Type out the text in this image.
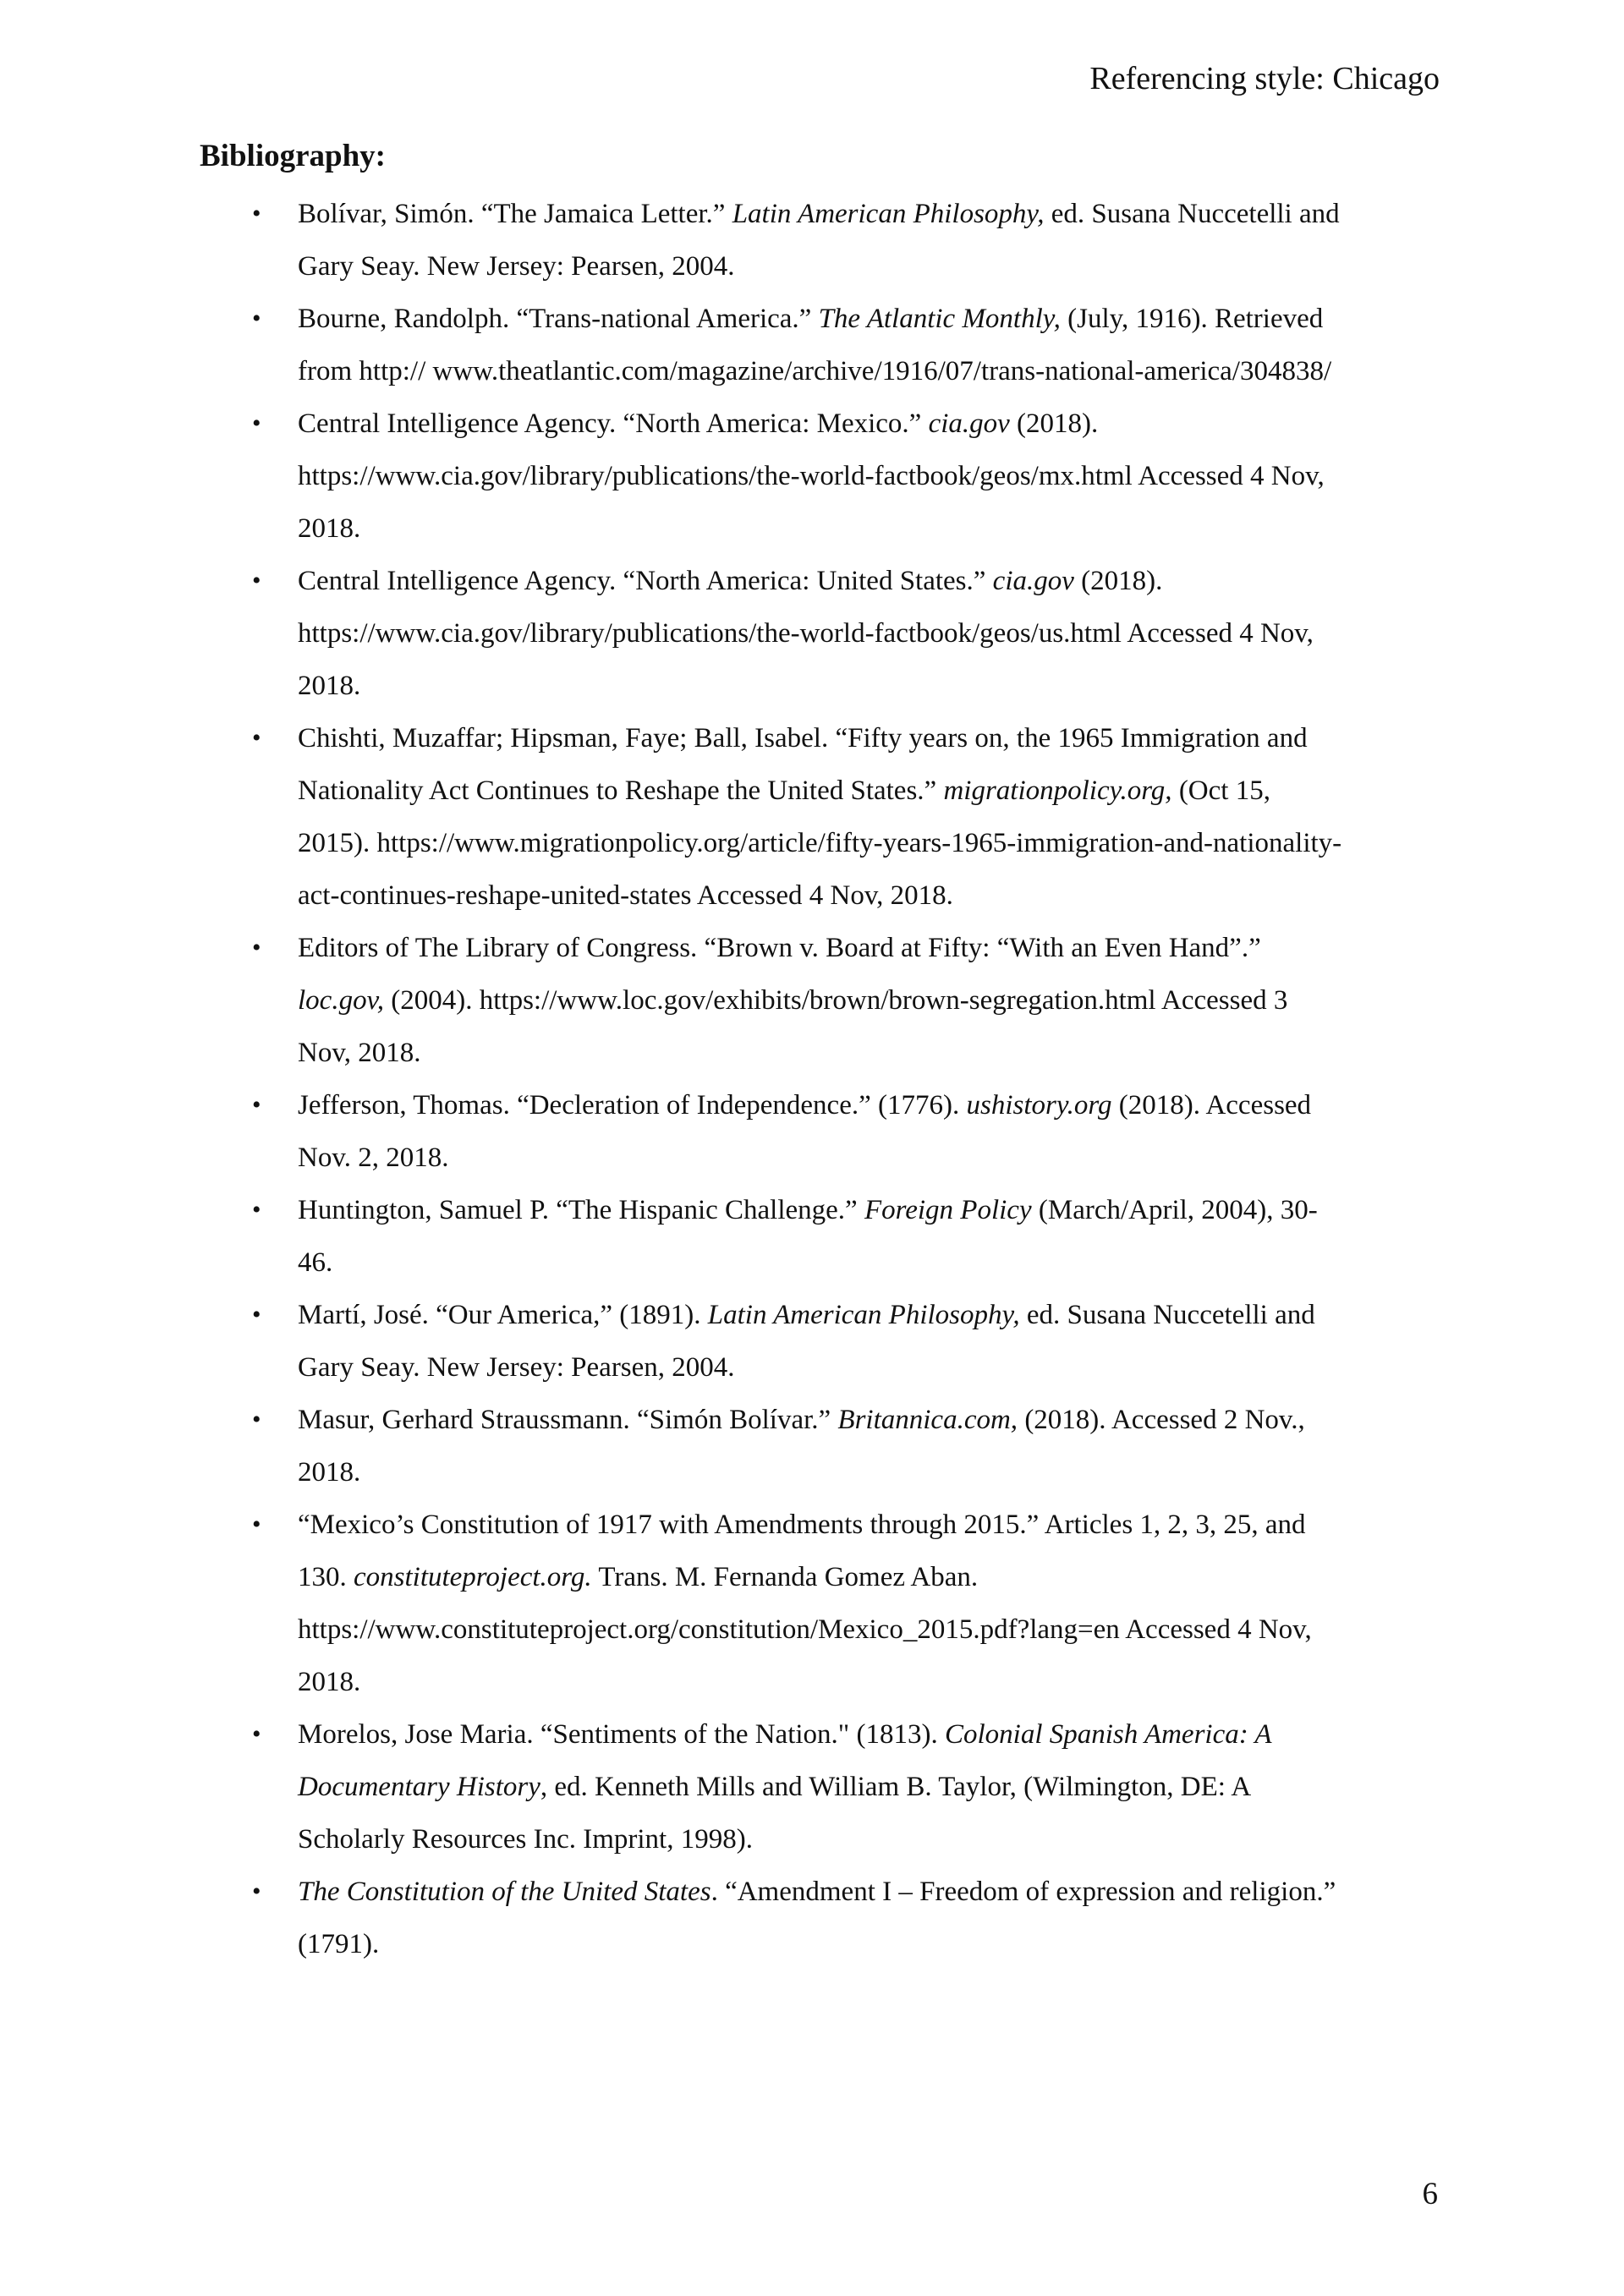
Referencing style: Chicago
Bibliography:
• Bolívar, Simón. “The Jamaica Letter.” Latin American Philosophy, ed. Susana Nuccetelli and
Gary Seay. New Jersey: Pearsen, 2004.
• Bourne, Randolph. “Trans-national America.” The Atlantic Monthly, (July, 1916). Retrieved
from http:// www.theatlantic.com/magazine/archive/1916/07/trans-national-america/304838/
• Central Intelligence Agency. “North America: Mexico.” cia.gov (2018).
https://www.cia.gov/library/publications/the-world-factbook/geos/mx.html Accessed 4 Nov,
2018.
• Central Intelligence Agency. “North America: United States.” cia.gov (2018).
https://www.cia.gov/library/publications/the-world-factbook/geos/us.html Accessed 4 Nov,
2018.
• Chishti, Muzaffar; Hipsman, Faye; Ball, Isabel. “Fifty years on, the 1965 Immigration and
Nationality Act Continues to Reshape the United States.” migrationpolicy.org, (Oct 15,
2015). https://www.migrationpolicy.org/article/fifty-years-1965-immigration-and-nationality-
act-continues-reshape-united-states Accessed 4 Nov, 2018.
• Editors of The Library of Congress. “Brown v. Board at Fifty: “With an Even Hand”.”
loc.gov, (2004). https://www.loc.gov/exhibits/brown/brown-segregation.html Accessed 3
Nov, 2018.
• Jefferson, Thomas. “Decleration of Independence.” (1776). ushistory.org (2018). Accessed
Nov. 2, 2018.
• Huntington, Samuel P. “The Hispanic Challenge.” Foreign Policy (March/April, 2004), 30-
46.
• Martí, José. “Our America,” (1891). Latin American Philosophy, ed. Susana Nuccetelli and
Gary Seay. New Jersey: Pearsen, 2004.
• Masur, Gerhard Straussmann. “Simón Bolívar.” Britannica.com, (2018). Accessed 2 Nov.,
2018.
• “Mexico’s Constitution of 1917 with Amendments through 2015.” Articles 1, 2, 3, 25, and
130. constituteproject.org. Trans. M. Fernanda Gomez Aban.
https://www.constituteproject.org/constitution/Mexico_2015.pdf?lang=en Accessed 4 Nov,
2018.
• Morelos, Jose Maria. “Sentiments of the Nation." (1813). Colonial Spanish America: A
Documentary History, ed. Kenneth Mills and William B. Taylor, (Wilmington, DE: A
Scholarly Resources Inc. Imprint, 1998).
• The Constitution of the United States. “Amendment I – Freedom of expression and religion.”
(1791).
6
